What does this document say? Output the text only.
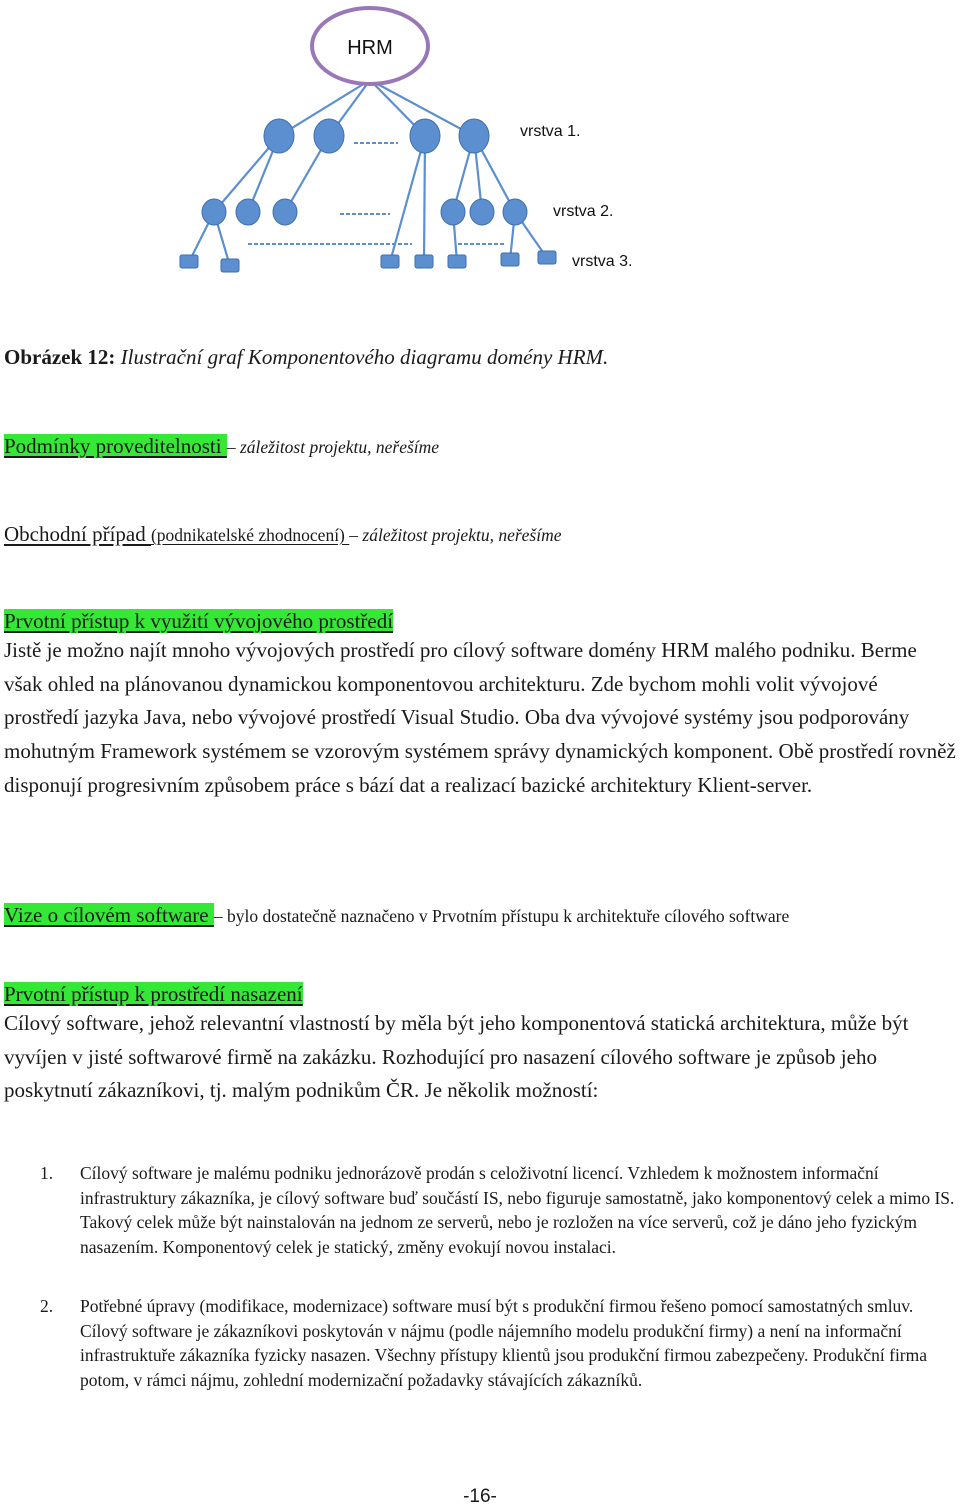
HRM
vrstva 1.
vrstva 2.
vrstva 3.
Obrázek 12: Ilustrační graf Komponentového diagramu domény HRM.
Podmínky proveditelnosti – záležitost projektu, neřešíme
Obchodní případ (podnikatelské zhodnocení) – záležitost projektu, neřešíme
Prvotní přístup k využití vývojového prostředí
Jistě je možno najít mnoho vývojových prostředí pro cílový software domény HRM malého podniku. Berme však ohled na plánovanou dynamickou komponentovou architekturu. Zde bychom mohli volit vývojové prostředí jazyka Java, nebo vývojové prostředí Visual Studio. Oba dva vývojové systémy jsou podporovány mohutným Framework systémem se vzorovým systémem správy dynamických komponent. Obě prostředí rovněž disponují progresivním způsobem práce s bází dat a realizací bazické architektury Klient-server.
Vize o cílovém software – bylo dostatečně naznačeno v Prvotním přístupu k architektuře cílového software
Prvotní přístup k prostředí nasazení
Cílový software, jehož relevantní vlastností by měla být jeho komponentová statická architektura, může být vyvíjen v jisté softwarové firmě na zakázku. Rozhodující pro nasazení cílového software je způsob jeho poskytnutí zákazníkovi, tj. malým podnikům ČR. Je několik možností:
1.	Cílový software je malému podniku jednorázově prodán s celoživotní licencí. Vzhledem k možnostem informační infrastruktury zákazníka, je cílový software buď součástí IS, nebo figuruje samostatně, jako komponentový celek a mimo IS. Takový celek může být nainstalován na jednom ze serverů, nebo je rozložen na více serverů, což je dáno jeho fyzickým nasazením. Komponentový celek je statický, změny evokují novou instalaci.
2.	Potřebné úpravy (modifikace, modernizace) software musí být s produkční firmou řešeno pomocí samostatných smluv. Cílový software je zákazníkovi poskytován v nájmu (podle nájemního modelu produkční firmy) a není na informační infrastruktuře zákazníka fyzicky nasazen. Všechny přístupy klientů jsou produkční firmou zabezpečeny. Produkční firma potom, v rámci nájmu, zohlední modernizační požadavky stávajících zákazníků.
-16-
